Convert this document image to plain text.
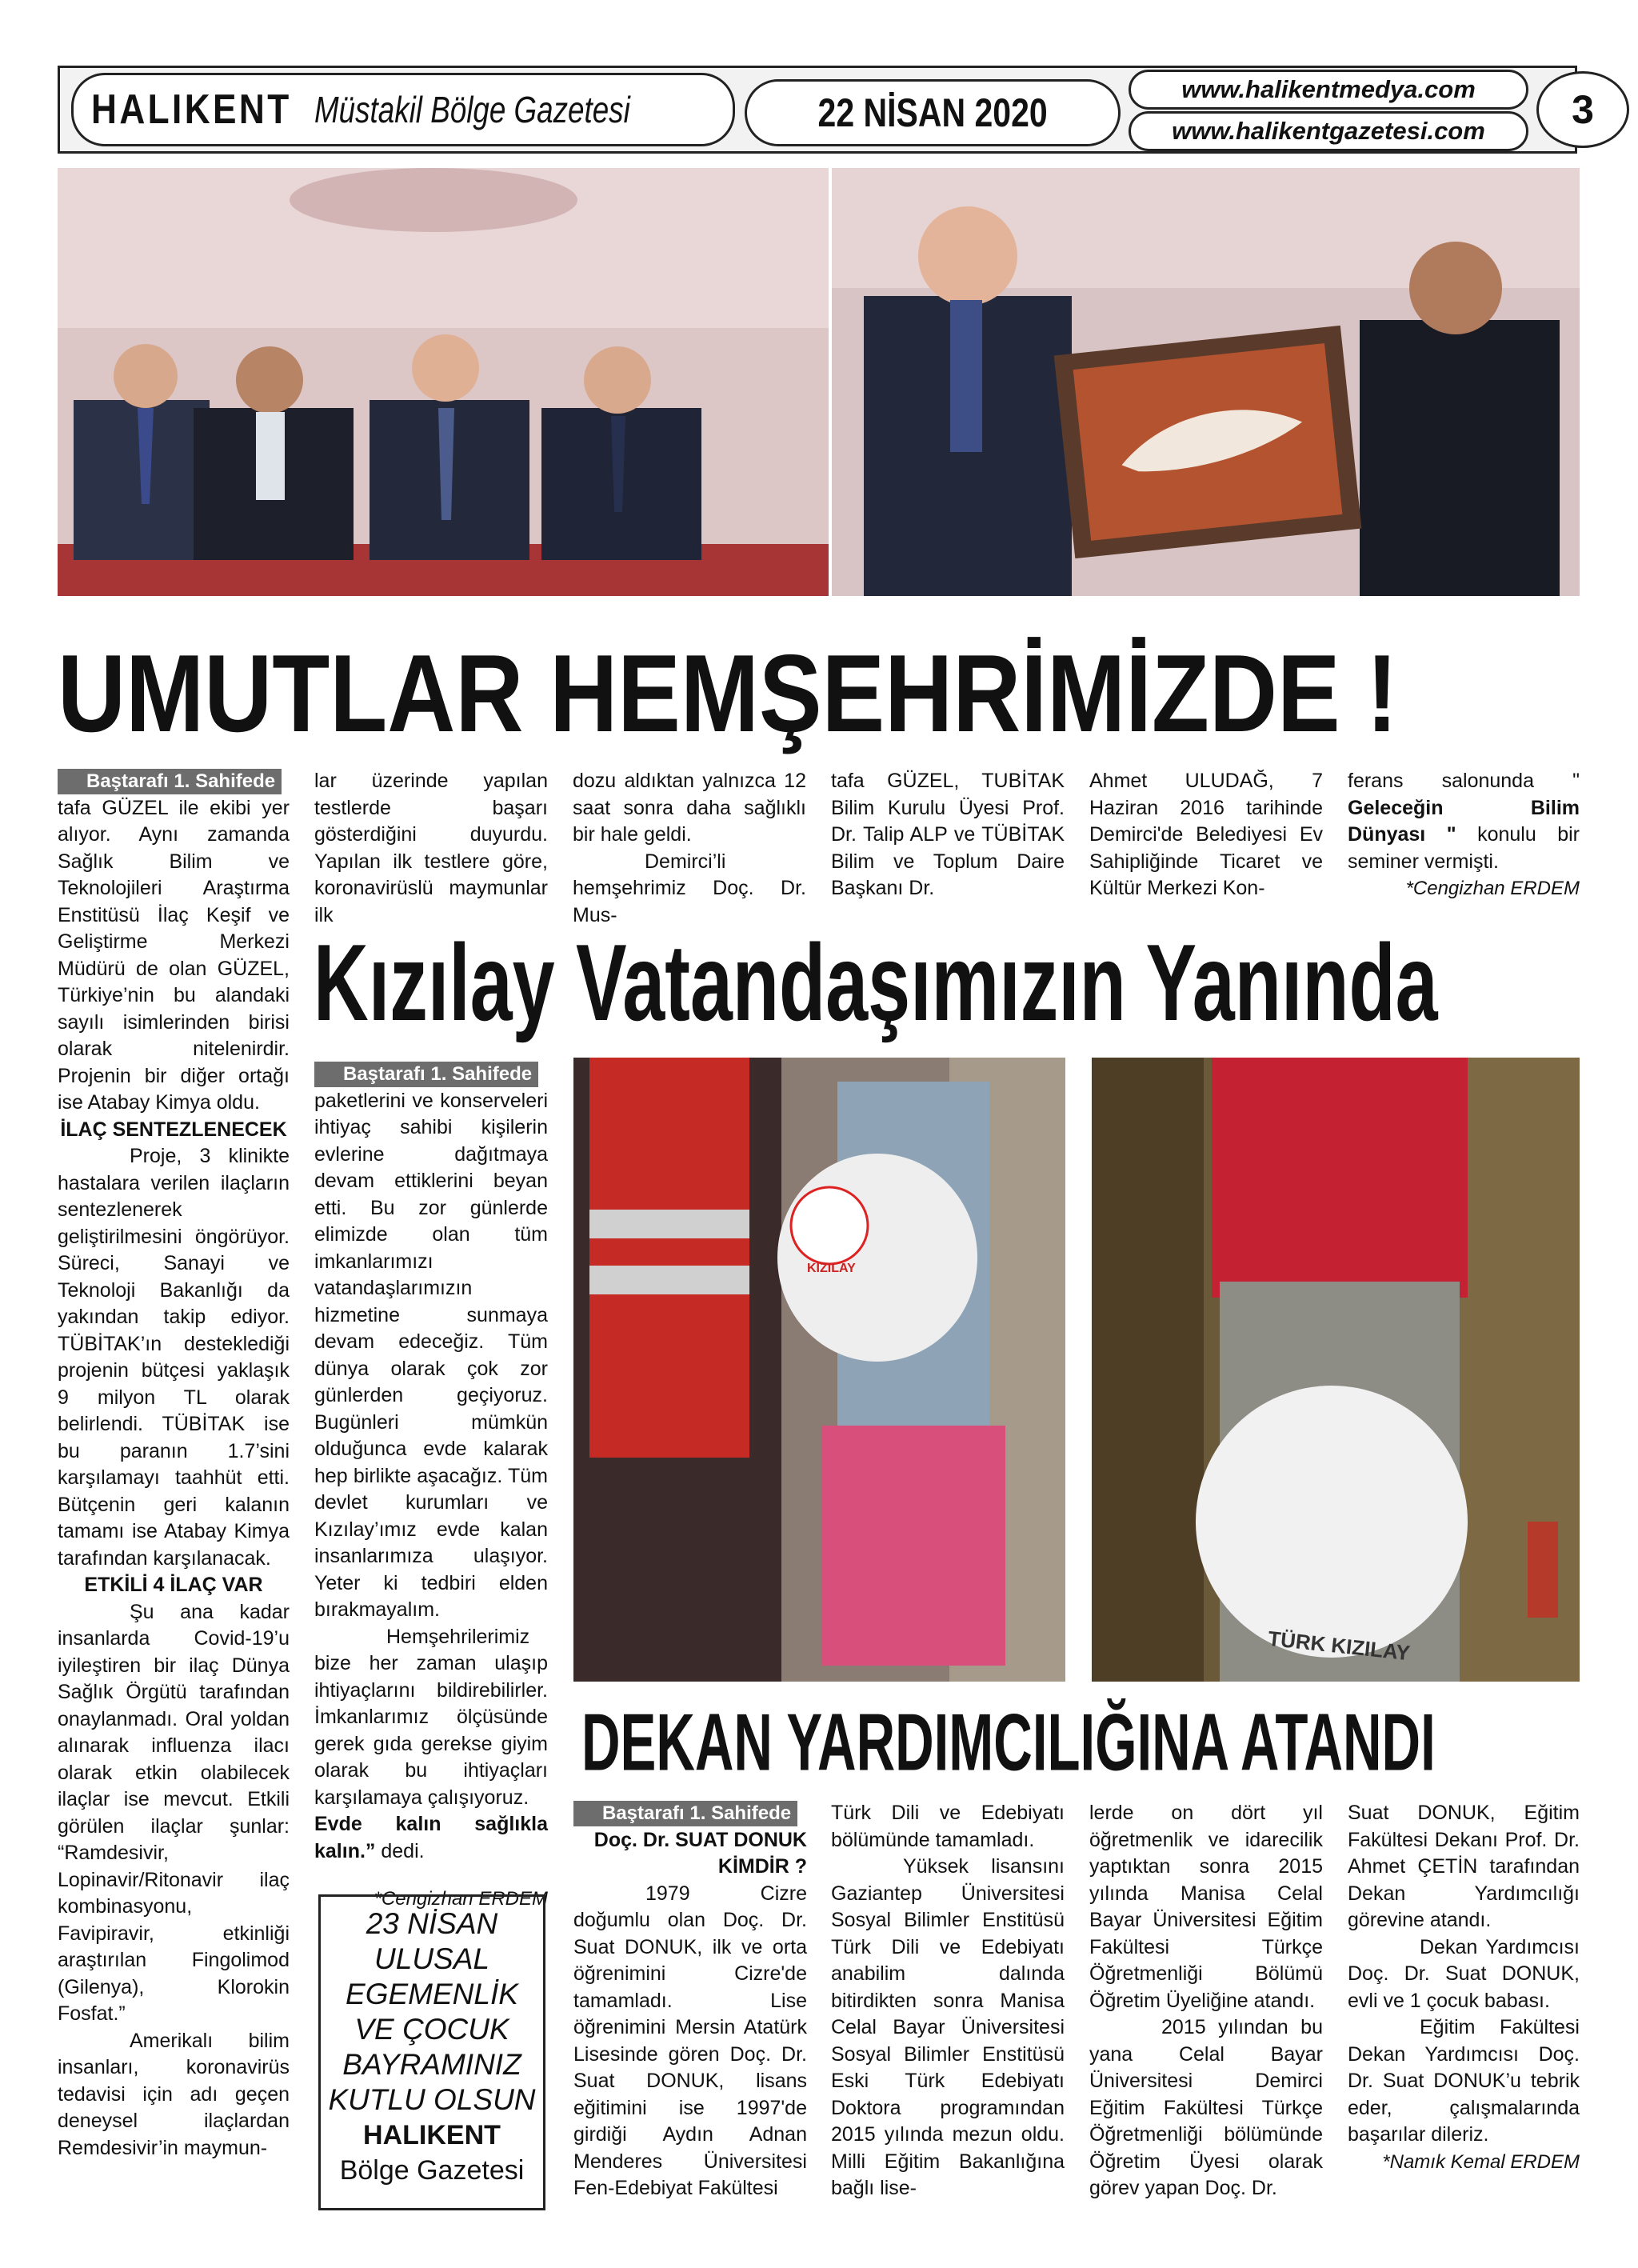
HALIKENT Müstakil Bölge Gazetesi	22 NİSAN 2020
www.halikentmedya.com
www.halikentgazetesi.com	3
UMUTLAR HEMŞEHRİMİZDE !
Baştarafı 1. Sahifede

tafa GÜZEL ile ekibi yer alıyor. Aynı zamanda Sağlık Bilim ve Teknolojileri Araştırma Enstitüsü İlaç Keşif ve Geliştirme Merkezi Müdürü de olan GÜZEL, Türkiye’nin bu alandaki sayılı isimlerinden birisi olarak nitelenirdir. Projenin bir diğer ortağı ise Atabay Kimya oldu.

İLAÇ SENTEZLENECEK

Proje, 3 klinikte hastalara verilen ilaçların sentezlenerek geliştirilmesini öngörüyor. Süreci, Sanayi ve Teknoloji Bakanlığı da yakından takip ediyor. TÜBİTAK’ın desteklediği projenin bütçesi yaklaşık 9 milyon TL olarak belirlendi. TÜBİTAK ise bu paranın 1.7’sini karşılamayı taahhüt etti. Bütçenin geri kalanın tamamı ise Atabay Kimya tarafından karşılanacak.

ETKİLİ 4 İLAÇ VAR

Şu ana kadar insanlarda Covid-19’u iyileştiren bir ilaç Dünya Sağlık Örgütü tarafından onaylanmadı. Oral yoldan alınarak influenza ilacı olarak etkin olabilecek ilaçlar ise mevcut. Etkili görülen ilaçlar şunlar: “Ramdesivir, Lopinavir/Ritonavir ilaç kombinasyonu, Favipiravir, etkinliği araştırılan Fingolimod (Gilenya), Klorokin Fosfat.”

Amerikalı bilim insanları, koronavirüs tedavisi için adı geçen deneysel ilaçlardan Remdesivir’in maymun-

lar üzerinde yapılan testlerde başarı gösterdiğini duyurdu. Yapılan ilk testlere göre, koronavirüslü maymunlar ilk

dozu aldıktan yalnızca 12 saat sonra daha sağlıklı bir hale geldi.

Demirci’li hemşehrimiz Doç. Dr. Mus-

tafa GÜZEL, TUBİTAK Bilim Kurulu Üyesi Prof. Dr. Talip ALP ve TÜBİTAK Bilim ve Toplum Daire Başkanı Dr.

Ahmet ULUDAĞ, 7 Haziran 2016 tarihinde Demirci'de Belediyesi Ev Sahipliğinde Ticaret ve Kültür Merkezi Kon-

ferans salonunda " Geleceğin Bilim Dünyası " konulu bir seminer vermişti.

*Cengizhan ERDEM

Kızılay Vatandaşımızın Yanında
Baştarafı 1. Sahifede

paketlerini ve konserveleri ihtiyaç sahibi kişilerin evlerine dağıtmaya devam ettiklerini beyan etti. Bu zor günlerde elimizde olan tüm imkanlarımızı vatandaşlarımızın hizmetine sunmaya devam edeceğiz. Tüm dünya olarak çok zor günlerden geçiyoruz. Bugünleri mümkün olduğunca evde kalarak hep birlikte aşacağız. Tüm devlet kurumları ve Kızılay’ımız evde kalan insanlarımıza ulaşıyor. Yeter ki tedbiri elden bırakmayalım.

Hemşehrilerimiz bize her zaman ulaşıp ihtiyaçlarını bildirebilirler. İmkanlarımız ölçüsünde gerek gıda gerekse giyim olarak bu ihtiyaçları karşılamaya çalışıyoruz.

Evde kalın sağlıkla kalın.” dedi.

*Cengizhan ERDEM

KIZILAY
TÜRK KIZILAY
23 NİSAN
ULUSAL
EGEMENLİK
VE ÇOCUK
BAYRAMINIZ
KUTLU OLSUN
HALIKENT
Bölge Gazetesi
DEKAN YARDIMCILIĞINA ATANDI
Baştarafı 1. Sahifede

Doç. Dr. SUAT DONUK KİMDİR ?

1979 Cizre doğumlu olan Doç. Dr. Suat DONUK, ilk ve orta öğrenimini Cizre'de tamamladı. Lise öğrenimini Mersin Atatürk Lisesinde gören Doç. Dr. Suat DONUK, lisans eğitimini ise 1997'de girdiği Aydın Adnan Menderes Üniversitesi Fen-Edebiyat Fakültesi

Türk Dili ve Edebiyatı bölümünde tamamladı.

Yüksek lisansını Gaziantep Üniversitesi Sosyal Bilimler Enstitüsü Türk Dili ve Edebiyatı anabilim dalında bitirdikten sonra Manisa Celal Bayar Üniversitesi Sosyal Bilimler Enstitüsü Eski Türk Edebiyatı Doktora programından 2015 yılında mezun oldu. Milli Eğitim Bakanlığına bağlı lise-

lerde on dört yıl öğretmenlik ve idarecilik yaptıktan sonra 2015 yılında Manisa Celal Bayar Üniversitesi Eğitim Fakültesi Türkçe Öğretmenliği Bölümü Öğretim Üyeliğine atandı.

2015 yılından bu yana Celal Bayar Üniversitesi Demirci Eğitim Fakültesi Türkçe Öğretmenliği bölümünde Öğretim Üyesi olarak görev yapan Doç. Dr.

Suat DONUK, Eğitim Fakültesi Dekanı Prof. Dr. Ahmet ÇETİN tarafından Dekan Yardımcılığı görevine atandı.

Dekan Yardımcısı Doç. Dr. Suat DONUK, evli ve 1 çocuk babası.

Eğitim Fakültesi Dekan Yardımcısı Doç. Dr. Suat DONUK’u tebrik eder, çalışmalarında başarılar dileriz.

*Namık Kemal ERDEM
